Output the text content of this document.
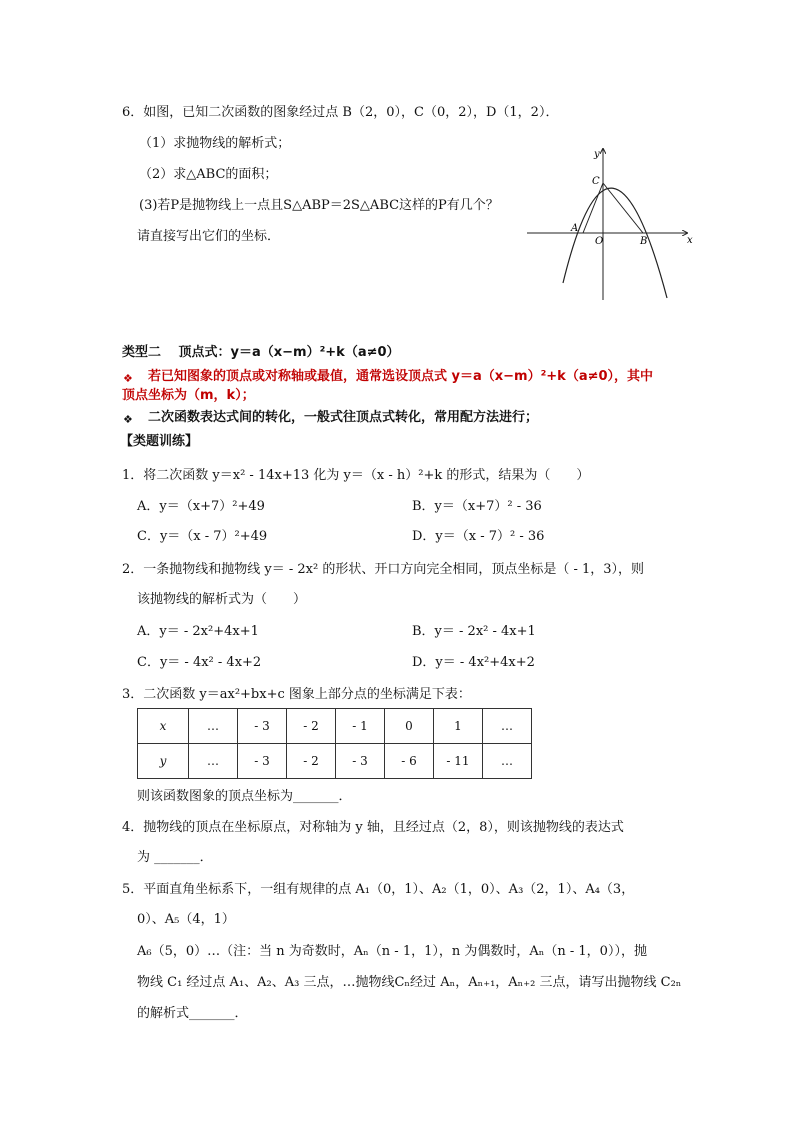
6．如图，已知二次函数的图象经过点 B（2，0），C（0，2），D（1，2）．
（1）求抛物线的解析式；
（2）求△ABC的面积；
(3)若P是抛物线上一点且S△ABP＝2S△ABC这样的P有几个？
请直接写出它们的坐标．
y
x
C
A
O	B
类型二　 顶点式：y＝a（x−m）²+k（a≠0）
❖ 若已知图象的顶点或对称轴或最值，通常选设顶点式 y＝a（x−m）²+k（a≠0），其中
顶点坐标为（m，k）；
❖ 二次函数表达式间的转化，一般式往顶点式转化，常用配方法进行；
【类题训练】
1．将二次函数 y＝x² - 14x+13 化为 y＝（x - h）²+k 的形式，结果为（　　）
A．y＝（x+7）²+49	B．y＝（x+7）² - 36
C．y＝（x - 7）²+49	D．y＝（x - 7）² - 36
2．一条抛物线和抛物线 y＝ - 2x² 的形状、开口方向完全相同，顶点坐标是（ - 1，3），则
该抛物线的解析式为（　　）
A．y＝ - 2x²+4x+1	B．y＝ - 2x² - 4x+1
C．y＝ - 4x² - 4x+2	D．y＝ - 4x²+4x+2
3．二次函数 y＝ax²+bx+c 图象上部分点的坐标满足下表：
x	…	- 3	- 2	- 1	0	1	…
y	…	- 3	- 2	- 3	- 6	- 11	…
则该函数图象的顶点坐标为_______．
4．抛物线的顶点在坐标原点，对称轴为 y 轴，且经过点（2，8），则该抛物线的表达式
为 _______．
5．平面直角坐标系下，一组有规律的点 A₁（0，1）、A₂（1，0）、A₃（2，1）、A₄（3，
0）、A₅（4，1）
A₆（5，0）…（注：当 n 为奇数时，Aₙ（n - 1，1），n 为偶数时，Aₙ（n - 1，0）），抛
物线 C₁ 经过点 A₁、A₂、A₃ 三点，…抛物线Cₙ经过 Aₙ，Aₙ₊₁，Aₙ₊₂ 三点，请写出抛物线 C₂ₙ
的解析式_______．
